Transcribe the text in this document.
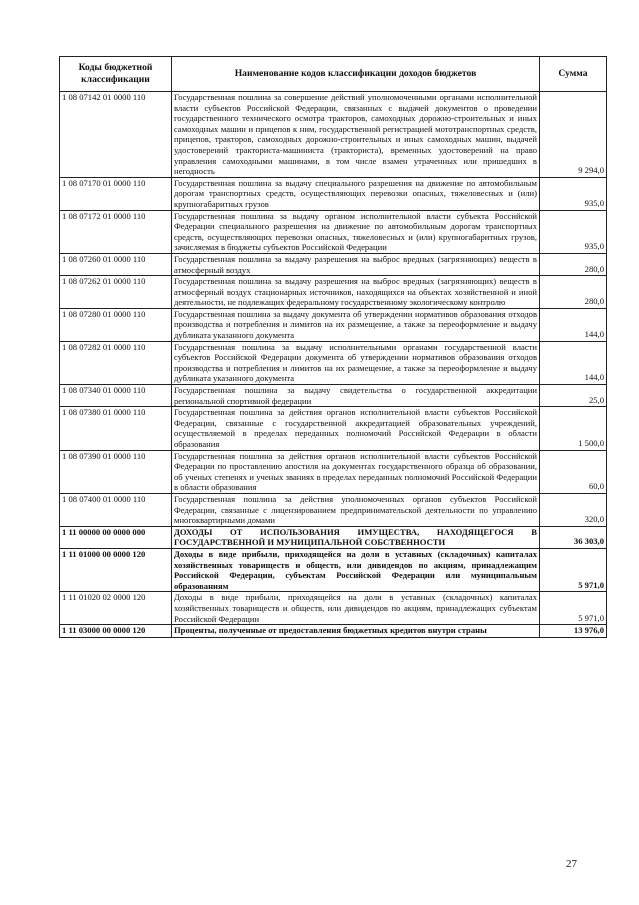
Коды бюджетной классификации	Наименование кодов классификации доходов бюджетов	Сумма
1 08 07142 01 0000 110	Государственная пошлина за совершение действий уполномоченными органами исполнительной власти субъектов Российской Федерации, связанных с выдачей документов о проведении государственного технического осмотра тракторов, самоходных дорожно-строительных и иных самоходных машин и прицепов к ним, государственной регистрацией мототранспортных средств, прицепов, тракторов, самоходных дорожно-строительных и иных самоходных машин, выдачей удостоверений тракториста-машиниста (тракториста), временных удостоверений на право управления самоходными машинами, в том числе взамен утраченных или пришедших в негодность	9 294,0
1 08 07170 01 0000 110	Государственная пошлина за выдачу специального разрешения на движение по автомобильным дорогам транспортных средств, осуществляющих перевозки опасных, тяжеловесных и (или) крупногабаритных грузов	935,0
1 08 07172 01 0000 110	Государственная пошлина за выдачу органом исполнительной власти субъекта Российской Федерации специального разрешения на движение по автомобильным дорогам транспортных средств, осуществляющих перевозки опасных, тяжеловесных и (или) крупногабаритных грузов, зачисляемая в бюджеты субъектов Российской Федерации	935,0
1 08 07260 01 0000 110	Государственная пошлина за выдачу разрешения на выброс вредных (загрязняющих) веществ в атмосферный воздух	280,0
1 08 07262 01 0000 110	Государственная пошлина за выдачу разрешения на выброс вредных (загрязняющих) веществ в атмосферный воздух стационарных источников, находящихся на объектах хозяйственной и иной деятельности, не подлежащих федеральному государственному экологическому контролю	280,0
1 08 07280 01 0000 110	Государственная пошлина за выдачу документа об утверждении нормативов образования отходов производства и потребления и лимитов на их размещение, а также за переоформление и выдачу дубликата указанного документа	144,0
1 08 07282 01 0000 110	Государственная пошлина за выдачу исполнительными органами государственной власти субъектов Российской Федерации документа об утверждении нормативов образования отходов производства и потребления и лимитов на их размещение, а также за переоформление и выдачу дубликата указанного документа	144,0
1 08 07340 01 0000 110	Государственная пошлина за выдачу свидетельства о государственной аккредитации региональной спортивной федерации	25,0
1 08 07380 01 0000 110	Государственная пошлина за действия органов исполнительной власти субъектов Российской Федерации, связанные с государственной аккредитацией образовательных учреждений, осуществляемой в пределах переданных полномочий Российской Федерации в области образования	1 500,0
1 08 07390 01 0000 110	Государственная пошлина за действия органов исполнительной власти субъектов Российской Федерации по проставлению апостиля на документах государственного образца об образовании, об ученых степенях и ученых званиях в пределах переданных полномочий Российской Федерации в области образования	60,0
1 08 07400 01 0000 110	Государственная пошлина за действия уполномоченных органов субъектов Российской Федерации, связанные с лицензированием предпринимательской деятельности по управлению многоквартирными домами	320,0
1 11 00000 00 0000 000	ДОХОДЫ ОТ ИСПОЛЬЗОВАНИЯ ИМУЩЕСТВА, НАХОДЯЩЕГОСЯ В ГОСУДАРСТВЕННОЙ И МУНИЦИПАЛЬНОЙ СОБСТВЕННОСТИ	36 303,0
1 11 01000 00 0000 120	Доходы в виде прибыли, приходящейся на доли в уставных (складочных) капиталах хозяйственных товариществ и обществ, или дивидендов по акциям, принадлежащим Российской Федерации, субъектам Российской Федерации или муниципальным образованиям	5 971,0
1 11 01020 02 0000 120	Доходы в виде прибыли, приходящейся на доли в уставных (складочных) капиталах хозяйственных товариществ и обществ, или дивидендов по акциям, принадлежащих субъектам Российской Федерации	5 971,0
1 11 03000 00 0000 120	Проценты, полученные от предоставления бюджетных кредитов внутри страны	13 976,0
27
